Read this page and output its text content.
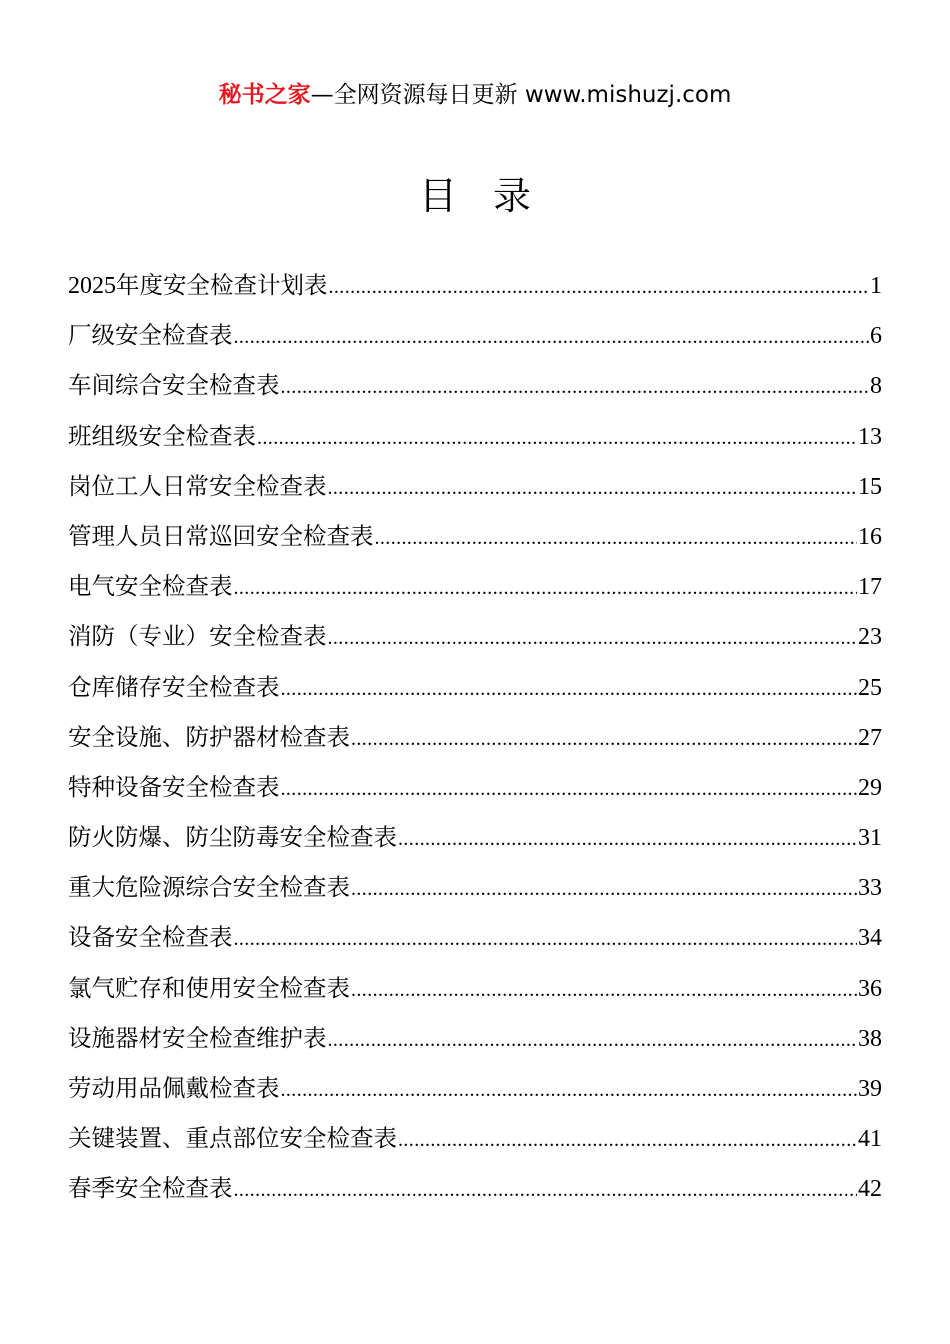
秘书之家—全网资源每日更新 www.mishuzj.com
目 录
2025年度安全检查计划表 .....	1
厂级安全检查表 .....	6
车间综合安全检查表 .....	8
班组级安全检查表 .....	13
岗位工人日常安全检查表 .....	15
管理人员日常巡回安全检查表 .....	16
电气安全检查表 .....	17
消防（专业）安全检查表 .....	23
仓库储存安全检查表 .....	25
安全设施、防护器材检查表 .....	27
特种设备安全检查表 .....	29
防火防爆、防尘防毒安全检查表 .....	31
重大危险源综合安全检查表 .....	33
设备安全检查表 .....	34
氯气贮存和使用安全检查表 .....	36
设施器材安全检查维护表 .....	38
劳动用品佩戴检查表 .....	39
关键装置、重点部位安全检查表 .....	41
春季安全检查表 .....	42
